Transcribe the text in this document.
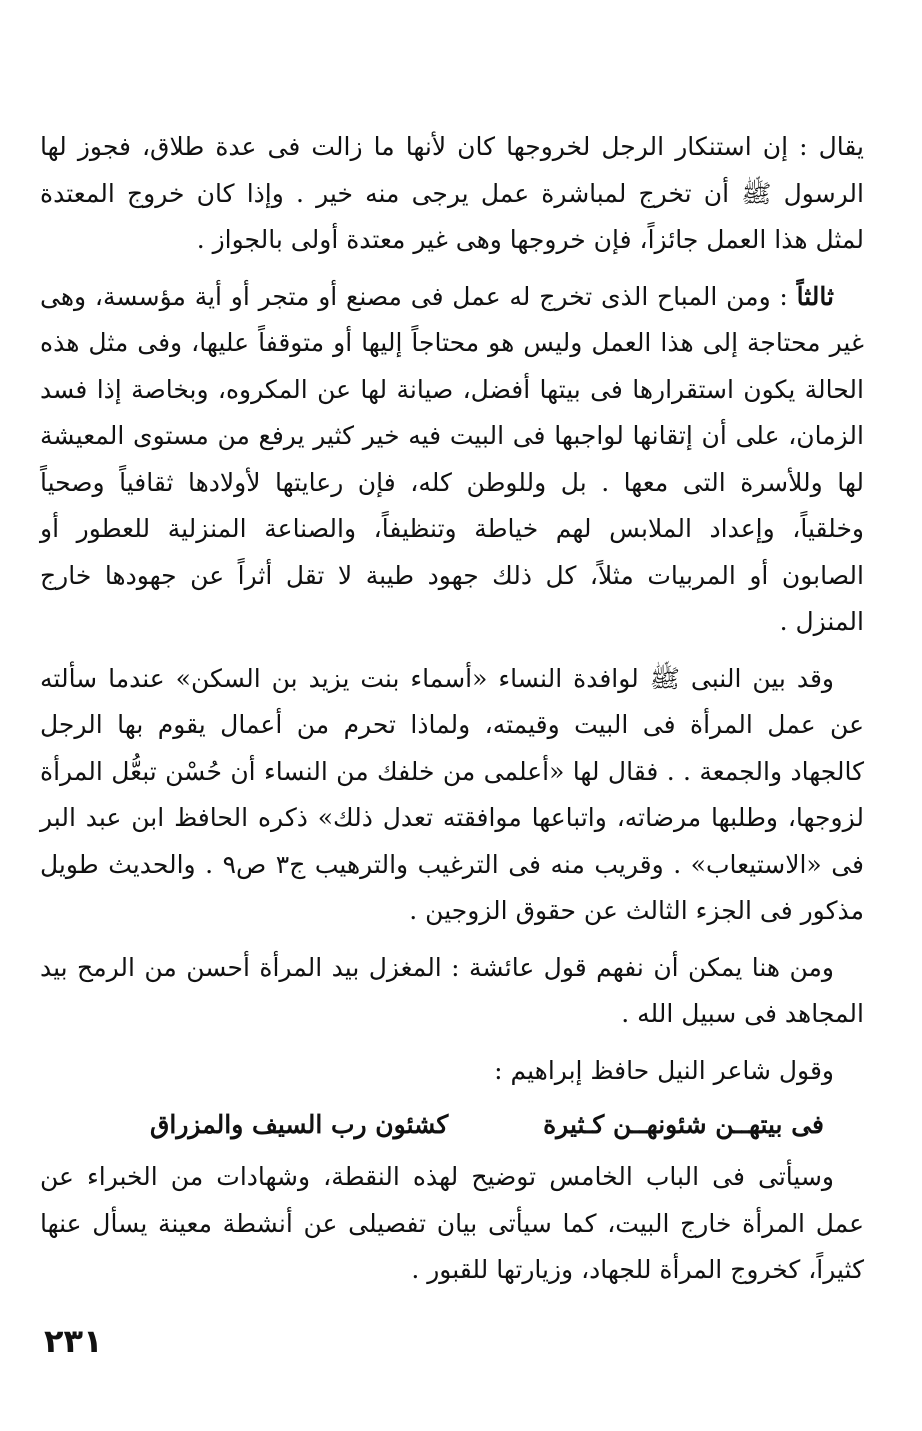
يقال : إن استنكار الرجل لخروجها كان لأنها ما زالت فى عدة طلاق، فجوز لها الرسول ﷺ أن تخرج لمباشرة عمل يرجى منه خير . وإذا كان خروج المعتدة لمثل هذا العمل جائزاً، فإن خروجها وهى غير معتدة أولى بالجواز .

ثالثاً : ومن المباح الذى تخرج له عمل فى مصنع أو متجر أو أية مؤسسة، وهى غير محتاجة إلى هذا العمل وليس هو محتاجاً إليها أو متوقفاً عليها، وفى مثل هذه الحالة يكون استقرارها فى بيتها أفضل، صيانة لها عن المكروه، وبخاصة إذا فسد الزمان، على أن إتقانها لواجبها فى البيت فيه خير كثير يرفع من مستوى المعيشة لها وللأسرة التى معها . بل وللوطن كله، فإن رعايتها لأولادها ثقافياً وصحياً وخلقياً، وإعداد الملابس لهم خياطة وتنظيفاً، والصناعة المنزلية للعطور أو الصابون أو المربيات مثلاً، كل ذلك جهود طيبة لا تقل أثراً عن جهودها خارج المنزل .

وقد بين النبى ﷺ لوافدة النساء «أسماء بنت يزيد بن السكن» عندما سألته عن عمل المرأة فى البيت وقيمته، ولماذا تحرم من أعمال يقوم بها الرجل كالجهاد والجمعة . . فقال لها «أعلمى من خلفك من النساء أن حُسْن تبعُّل المرأة لزوجها، وطلبها مرضاته، واتباعها موافقته تعدل ذلك» ذكره الحافظ ابن عبد البر فى «الاستيعاب» . وقريب منه فى الترغيب والترهيب ج٣ ص٩ . والحديث طويل مذكور فى الجزء الثالث عن حقوق الزوجين .

ومن هنا يمكن أن نفهم قول عائشة : المغزل بيد المرأة أحسن من الرمح بيد المجاهد فى سبيل الله .

وقول شاعر النيل حافظ إبراهيم :

فى بيتهــن شئونهــن كـثيرة
كشئون رب السيف والمزراق

وسيأتى فى الباب الخامس توضيح لهذه النقطة، وشهادات من الخبراء عن عمل المرأة خارج البيت، كما سيأتى بيان تفصيلى عن أنشطة معينة يسأل عنها كثيراً، كخروج المرأة للجهاد، وزيارتها للقبور .

٢٣١
